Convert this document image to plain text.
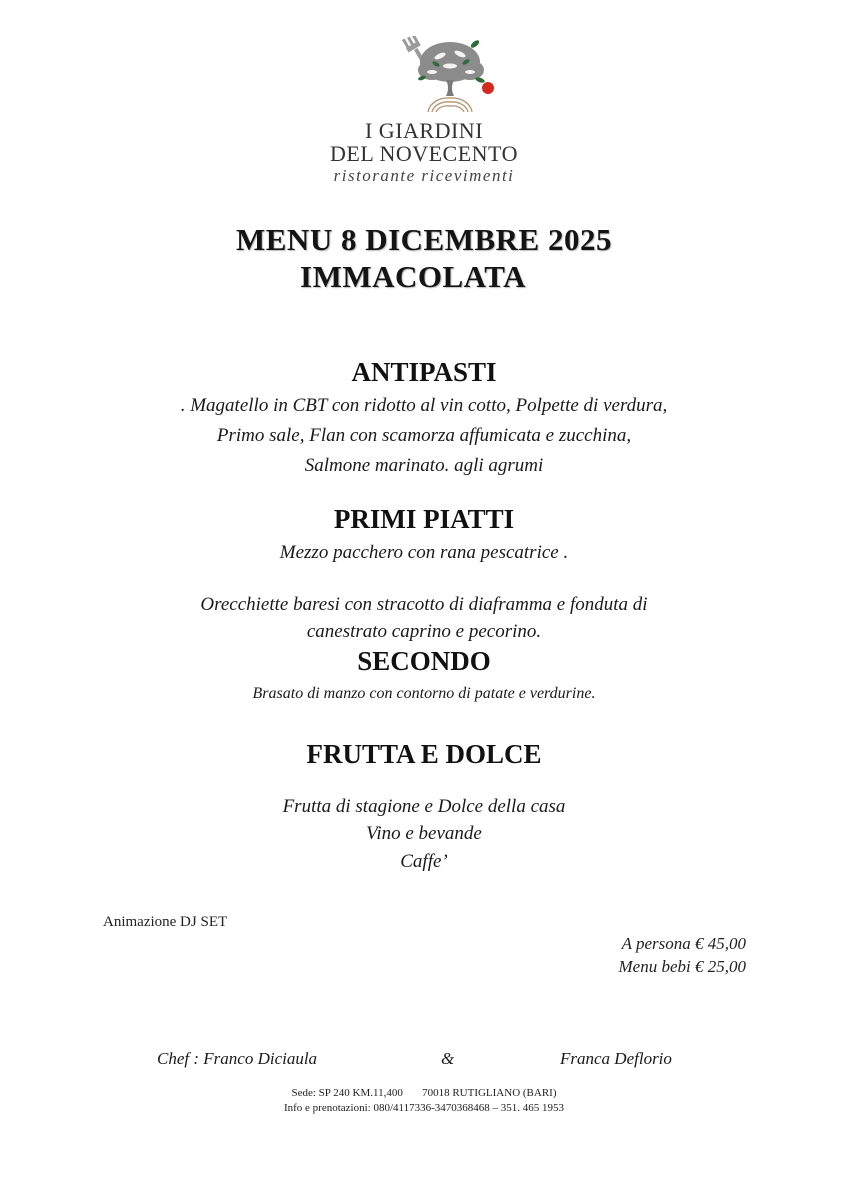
I GIARDINI
DEL NOVECENTO
ristorante ricevimenti
MENU 8 DICEMBRE 2025
IMMACOLATA
ANTIPASTI
. Magatello in CBT con ridotto al vin cotto, Polpette di verdura,
Primo sale, Flan con scamorza affumicata e zucchina,
Salmone marinato. agli agrumi
PRIMI PIATTI
Mezzo pacchero con rana pescatrice .
Orecchiette baresi con stracotto di diaframma e fonduta di
canestrato caprino e pecorino.
SECONDO
Brasato di manzo con contorno di patate e verdurine.
FRUTTA E DOLCE
Frutta di stagione e Dolce della casa
Vino e bevande
Caffe’
Animazione DJ SET
A persona € 45,00
Menu bebi € 25,00
Chef : Franco Diciaula	&	Franca Deflorio
Sede: SP 240 KM.11,400       70018 RUTIGLIANO (BARI)
Info e prenotazioni: 080/4117336-3470368468 – 351. 465 1953
